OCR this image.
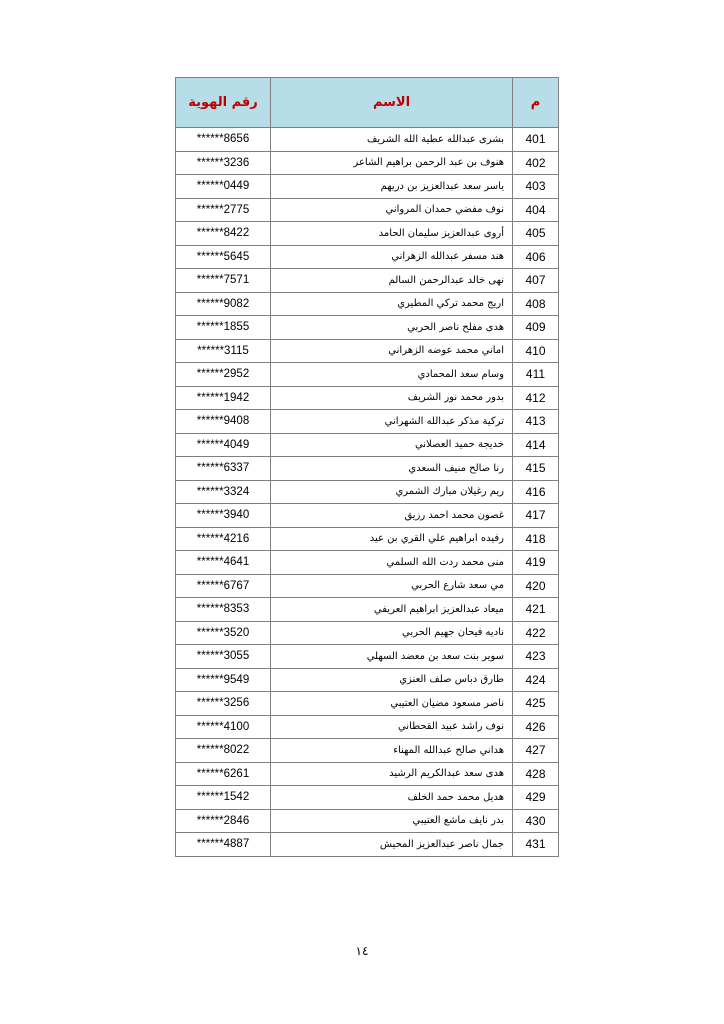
رقم الهوية	الاسم	م
******8656	بشرى عبدالله عطية الله الشريف	401
******3236	هنوف بن عبد الرحمن براهيم الشاعر	402
******0449	ياسر سعد عبدالعزيز بن دريهم	403
******2775	نوف مفضي حمدان المرواني	404
******8422	أروى عبدالعزيز سليمان الحامد	405
******5645	هند مسفر عبدالله الزهراني	406
******7571	نهى خالد عبدالرحمن السالم	407
******9082	اريج محمد تركي المطيري	408
******1855	هدى مفلح ناصر الحربي	409
******3115	اماني محمد عوضه الزهراني	410
******2952	وسام سعد المحمادي	411
******1942	بدور محمد نور الشريف	412
******9408	تركية مذكر عبدالله الشهراني	413
******4049	خديجة حميد العصلاني	414
******6337	رنا صالح منيف السعدي	415
******3324	ريم رغيلان مبارك الشمري	416
******3940	غصون محمد احمد رزيق	417
******4216	رفيده ابراهيم علي القري بن عيد	418
******4641	منى محمد ردت الله السلمي	419
******6767	مي سعد شارع الحربي	420
******8353	ميعاد عبدالعزيز ابراهيم العريفي	421
******3520	ناديه فيحان جهيم الحربي	422
******3055	سوير بنت سعد بن معضد السهلي	423
******9549	طارق دباس صلف العنزي	424
******3256	ناصر مسعود مضيان العتيبي	425
******4100	نوف راشد عبيد القحطاني	426
******8022	هداني صالح عبدالله المهناء	427
******6261	هدى سعد عبدالكريم الرشيد	428
******1542	هديل محمد حمد الخلف	429
******2846	بدر نايف ماشع العتيبي	430
******4887	جمال ناصر عبدالعزيز المحيش	431
١٤
